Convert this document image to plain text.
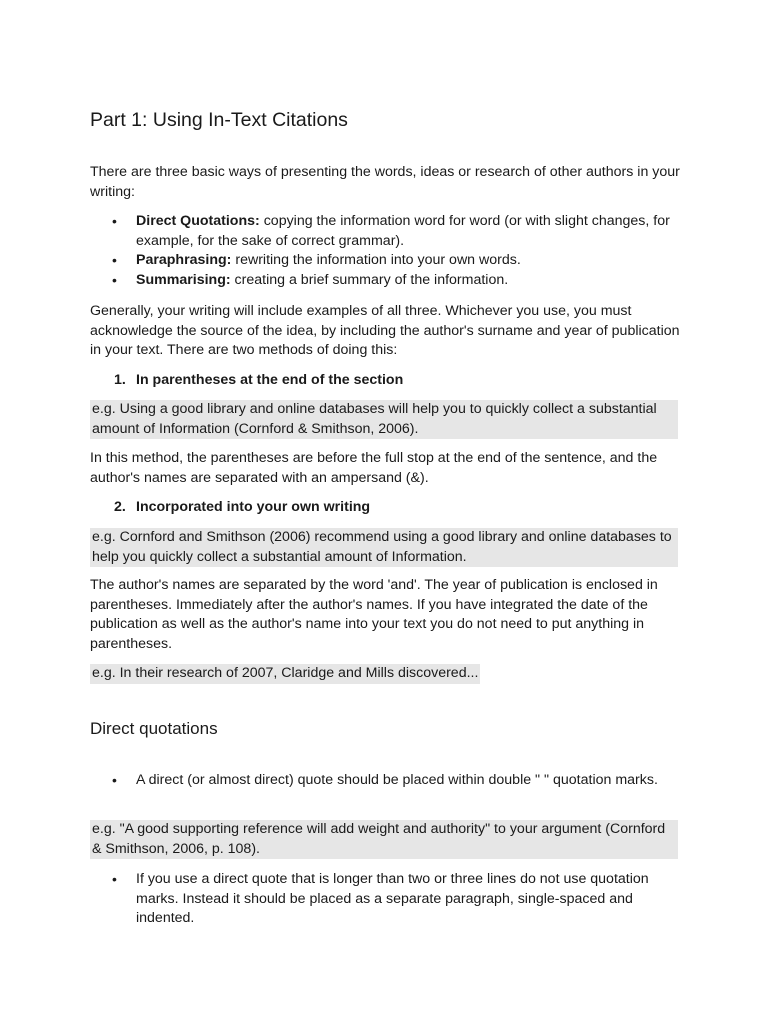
Part 1: Using In-Text Citations

There are three basic ways of presenting the words, ideas or research of other authors in your writing:

• Direct Quotations: copying the information word for word (or with slight changes, for example, for the sake of correct grammar).
• Paraphrasing: rewriting the information into your own words.
• Summarising: creating a brief summary of the information.

Generally, your writing will include examples of all three. Whichever you use, you must acknowledge the source of the idea, by including the author's surname and year of publication in your text. There are two methods of doing this:

1. In parentheses at the end of the section

e.g. Using a good library and online databases will help you to quickly collect a substantial amount of Information (Cornford & Smithson, 2006).

In this method, the parentheses are before the full stop at the end of the sentence, and the author's names are separated with an ampersand (&).

2. Incorporated into your own writing

e.g. Cornford and Smithson (2006) recommend using a good library and online databases to help you quickly collect a substantial amount of Information.

The author's names are separated by the word 'and'. The year of publication is enclosed in parentheses. Immediately after the author's names. If you have integrated the date of the publication as well as the author's name into your text you do not need to put anything in parentheses.

e.g. In their research of 2007, Claridge and Mills discovered...
Direct quotations
• A direct (or almost direct) quote should be placed within double " " quotation marks.

e.g. "A good supporting reference will add weight and authority" to your argument (Cornford & Smithson, 2006, p. 108).

• If you use a direct quote that is longer than two or three lines do not use quotation marks. Instead it should be placed as a separate paragraph, single-spaced and indented.
